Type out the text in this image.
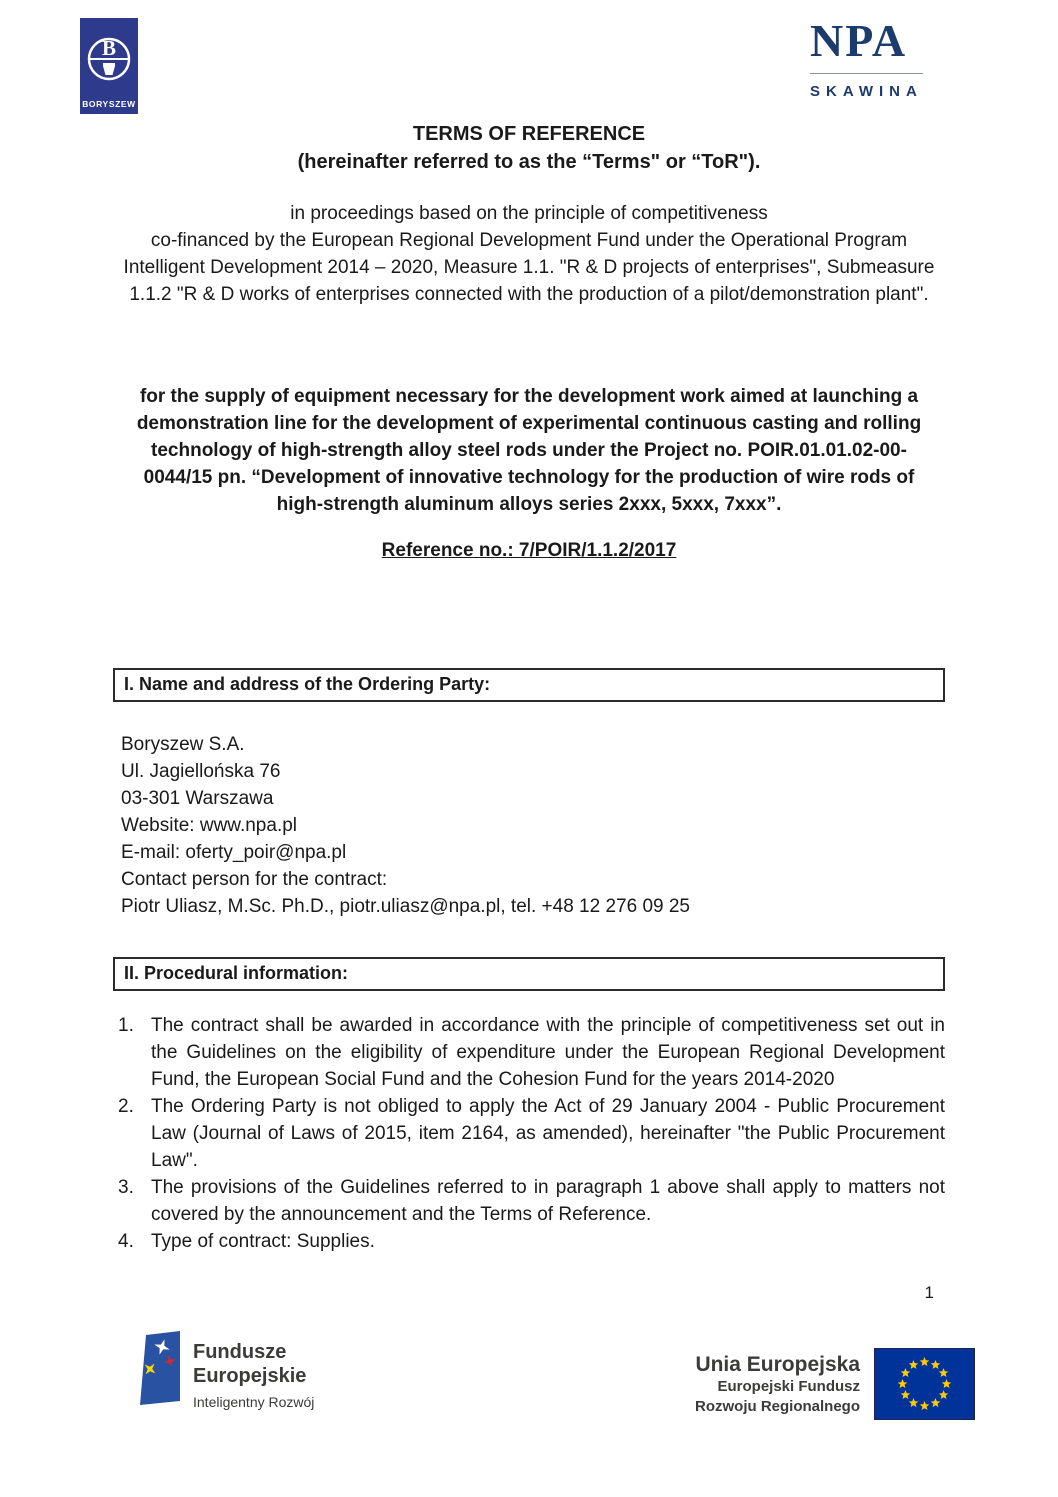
B
BORYSZEW
NPA
SKAWINA
TERMS OF REFERENCE
(hereinafter referred to as the “Terms" or “ToR").
in proceedings based on the principle of competitiveness
co-financed by the European Regional Development Fund under the Operational Program Intelligent Development 2014 – 2020, Measure 1.1. "R & D projects of enterprises", Submeasure 1.1.2 "R & D works of enterprises connected with the production of a pilot/demonstration plant".
for the supply of equipment necessary for the development work aimed at launching a demonstration line for the development of experimental continuous casting and rolling technology of high-strength alloy steel rods under the Project no. POIR.01.01.02-00-0044/15 pn. “Development of innovative technology for the production of wire rods of high-strength aluminum alloys series 2xxx, 5xxx, 7xxx”.
Reference no.: 7/POIR/1.1.2/2017
I. Name and address of the Ordering Party:
Boryszew S.A.
Ul. Jagiellońska 76
03-301 Warszawa
Website: www.npa.pl
E-mail: oferty_poir@npa.pl
Contact person for the contract:
Piotr Uliasz, M.Sc. Ph.D., piotr.uliasz@npa.pl, tel. +48 12 276 09 25
II. Procedural information:
1. The contract shall be awarded in accordance with the principle of competitiveness set out in the Guidelines on the eligibility of expenditure under the European Regional Development Fund, the European Social Fund and the Cohesion Fund for the years 2014-2020
2. The Ordering Party is not obliged to apply the Act of 29 January 2004 - Public Procurement Law (Journal of Laws of 2015, item 2164, as amended), hereinafter "the Public Procurement Law".
3. The provisions of the Guidelines referred to in paragraph 1 above shall apply to matters not covered by the announcement and the Terms of Reference.
4. Type of contract: Supplies.
1
Fundusze
Europejskie
Inteligentny Rozwój
Unia Europejska
Europejski Fundusz
Rozwoju Regionalnego
